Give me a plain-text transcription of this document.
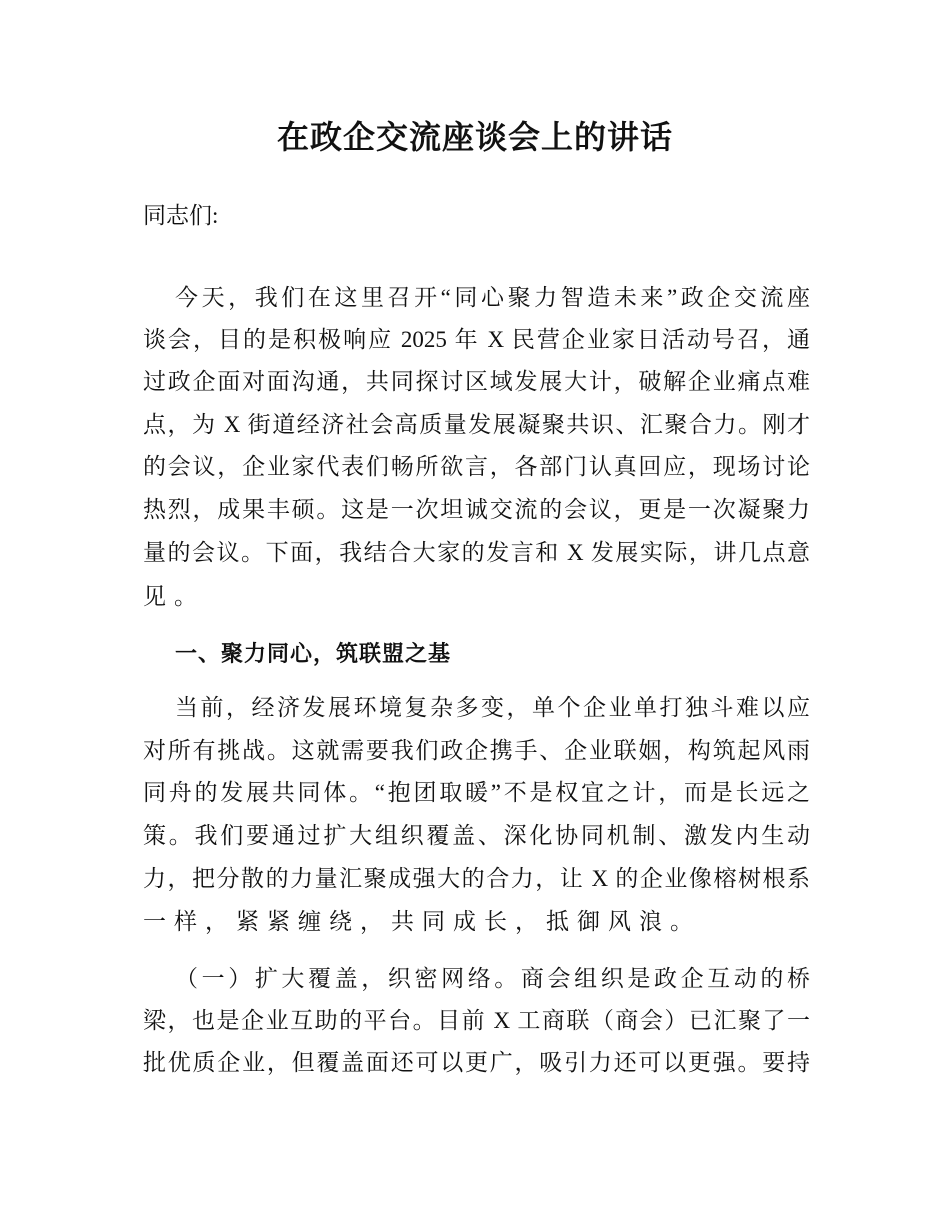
在政企交流座谈会上的讲话
同志们:
今天，我们在这里召开“同心聚力智造未来”政企交流座
谈会，目的是积极响应 2025 年 X 民营企业家日活动号召，通
过政企面对面沟通，共同探讨区域发展大计，破解企业痛点难
点，为 X 街道经济社会高质量发展凝聚共识、汇聚合力。刚才
的会议，企业家代表们畅所欲言，各部门认真回应，现场讨论
热烈，成果丰硕。这是一次坦诚交流的会议，更是一次凝聚力
量的会议。下面，我结合大家的发言和 X 发展实际，讲几点意
见。
一、聚力同心，筑联盟之基
当前，经济发展环境复杂多变，单个企业单打独斗难以应
对所有挑战。这就需要我们政企携手、企业联姻，构筑起风雨
同舟的发展共同体。“抱团取暖”不是权宜之计，而是长远之
策。我们要通过扩大组织覆盖、深化协同机制、激发内生动
力，把分散的力量汇聚成强大的合力，让 X 的企业像榕树根系
一样，紧紧缠绕，共同成长，抵御风浪。
（一）扩大覆盖，织密网络。商会组织是政企互动的桥
梁，也是企业互助的平台。目前 X 工商联（商会）已汇聚了一
批优质企业，但覆盖面还可以更广，吸引力还可以更强。要持
